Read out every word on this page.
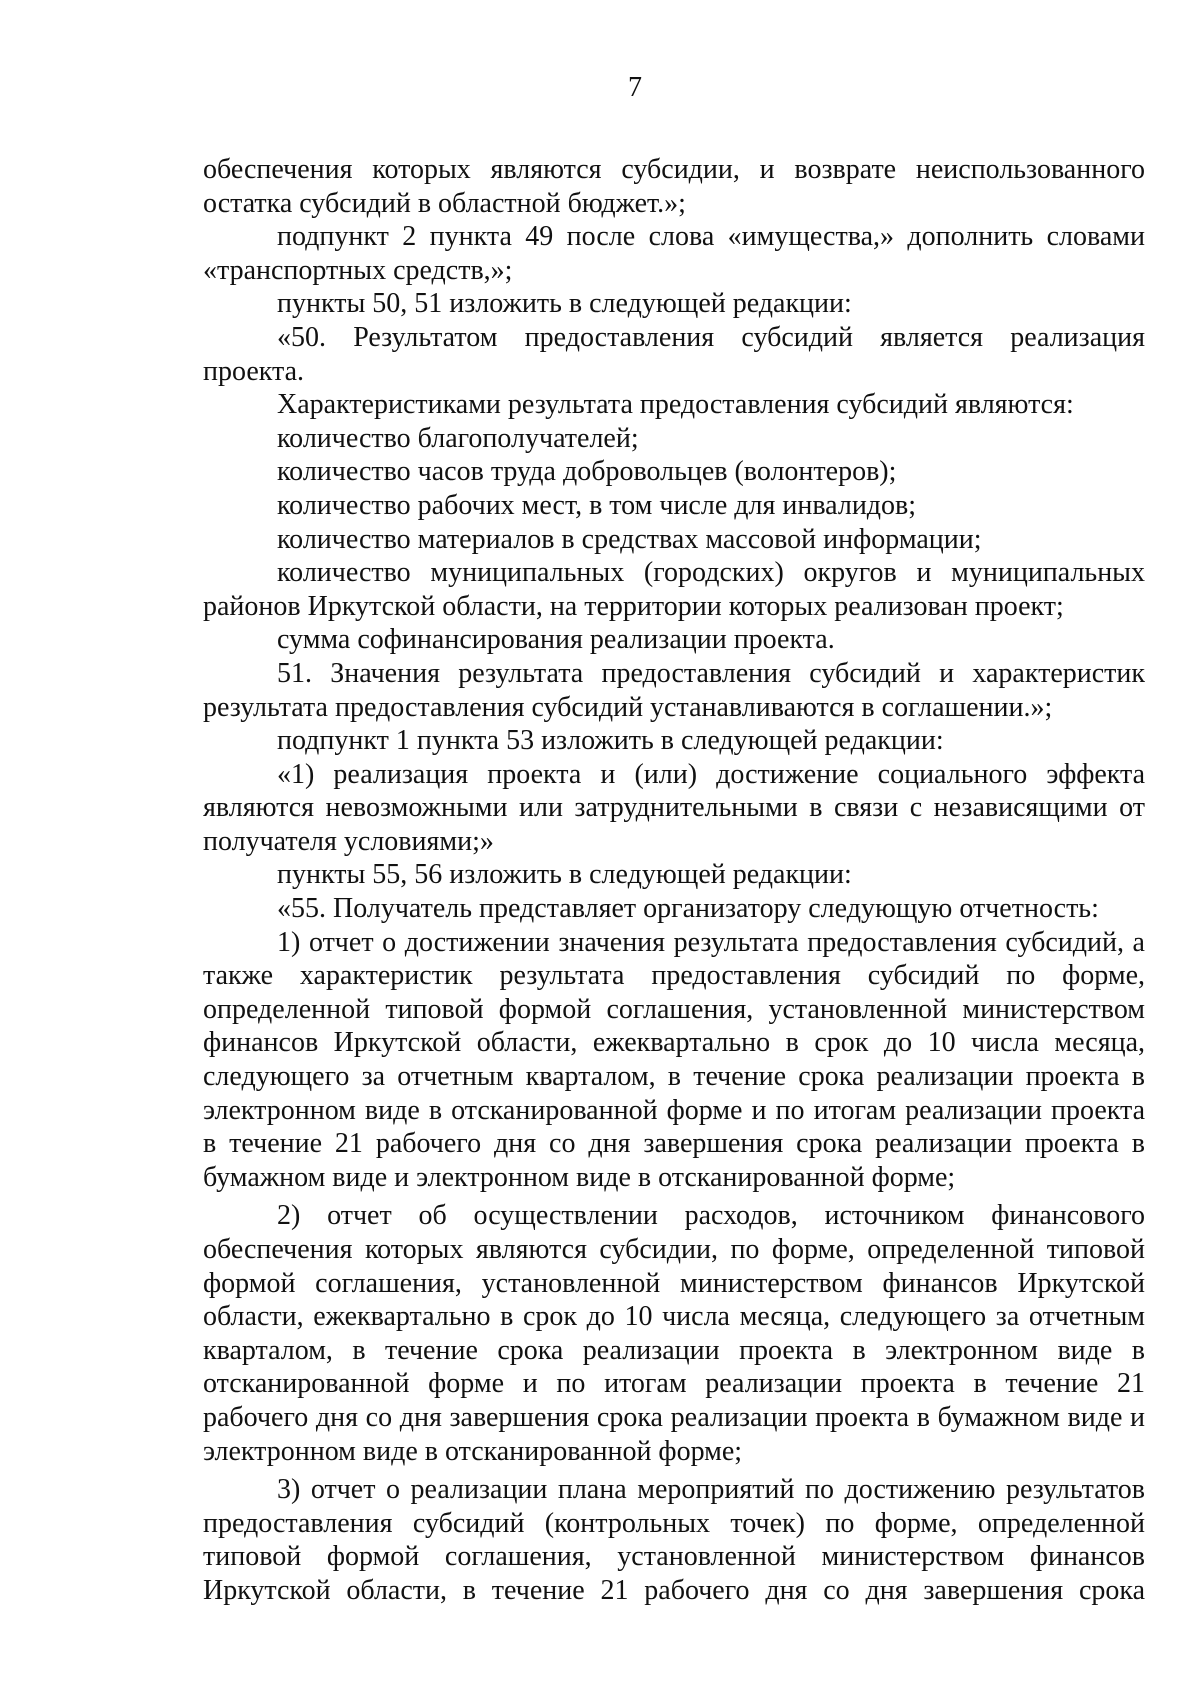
7

обеспечения которых являются субсидии, и возврате неиспользованного остатка субсидий в областной бюджет.»;

подпункт 2 пункта 49 после слова «имущества,» дополнить словами «транспортных средств,»;

пункты 50, 51 изложить в следующей редакции:

«50. Результатом предоставления субсидий является реализация проекта.

Характеристиками результата предоставления субсидий являются:

количество благополучателей;

количество часов труда добровольцев (волонтеров);

количество рабочих мест, в том числе для инвалидов;

количество материалов в средствах массовой информации;

количество муниципальных (городских) округов и муниципальных районов Иркутской области, на территории которых реализован проект;

сумма софинансирования реализации проекта.

51. Значения результата предоставления субсидий и характеристик результата предоставления субсидий устанавливаются в соглашении.»;

подпункт 1 пункта 53 изложить в следующей редакции:

«1) реализация проекта и (или) достижение социального эффекта являются невозможными или затруднительными в связи с независящими от получателя условиями;»

пункты 55, 56 изложить в следующей редакции:

«55. Получатель представляет организатору следующую отчетность:

1) отчет о достижении значения результата предоставления субсидий, а также характеристик результата предоставления субсидий по форме, определенной типовой формой соглашения, установленной министерством финансов Иркутской области, ежеквартально в срок до 10 числа месяца, следующего за отчетным кварталом, в течение срока реализации проекта в электронном виде в отсканированной форме и по итогам реализации проекта в течение 21 рабочего дня со дня завершения срока реализации проекта в бумажном виде и электронном виде в отсканированной форме;

2) отчет об осуществлении расходов, источником финансового обеспечения которых являются субсидии, по форме, определенной типовой формой соглашения, установленной министерством финансов Иркутской области, ежеквартально в срок до 10 числа месяца, следующего за отчетным кварталом, в течение срока реализации проекта в электронном виде в отсканированной форме и по итогам реализации проекта в течение 21 рабочего дня со дня завершения срока реализации проекта в бумажном виде и электронном виде в отсканированной форме;

3) отчет о реализации плана мероприятий по достижению результатов предоставления субсидий (контрольных точек) по форме, определенной типовой формой соглашения, установленной министерством финансов Иркутской области, в течение 21 рабочего дня со дня завершения срока
